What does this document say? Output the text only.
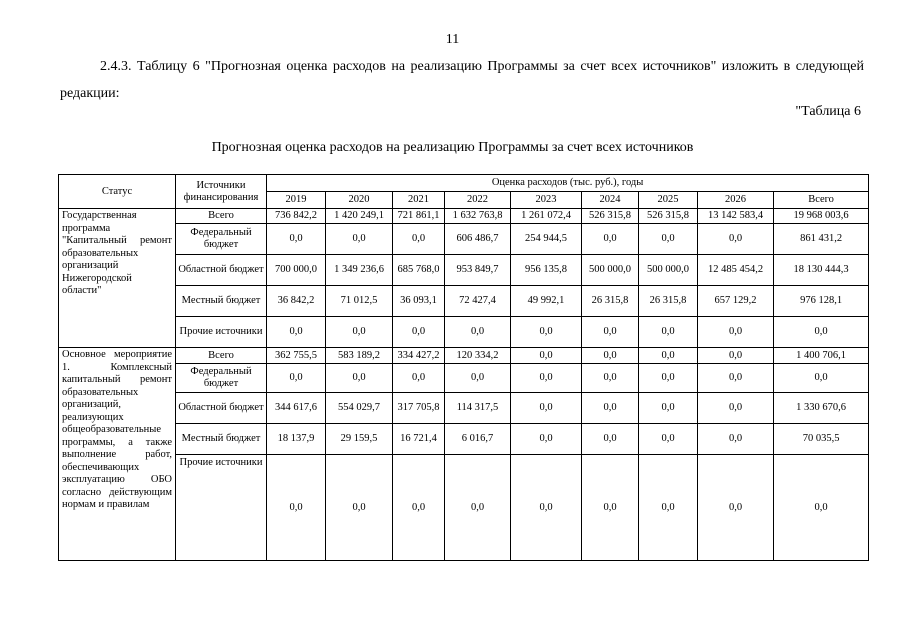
11
2.4.3. Таблицу 6 "Прогнозная оценка расходов на реализацию Программы за счет всех источников" изложить в следующей редакции:
"Таблица 6
Прогнозная оценка расходов на реализацию Программы за счет всех источников
Статус	Источники финансирования	Оценка расходов (тыс. руб.), годы								
		2019	2020	2021	2022	2023	2024	2025	2026	Всего
Государственная программа "Капитальный ремонт образовательных организаций Нижегородской области"	Всего	736 842,2	1 420 249,1	721 861,1	1 632 763,8	1 261 072,4	526 315,8	526 315,8	13 142 583,4	19 968 003,6
	Федеральный бюджет	0,0	0,0	0,0	606 486,7	254 944,5	0,0	0,0	0,0	861 431,2
	Областной бюджет	700 000,0	1 349 236,6	685 768,0	953 849,7	956 135,8	500 000,0	500 000,0	12 485 454,2	18 130 444,3
	Местный бюджет	36 842,2	71 012,5	36 093,1	72 427,4	49 992,1	26 315,8	26 315,8	657 129,2	976 128,1
	Прочие источники	0,0	0,0	0,0	0,0	0,0	0,0	0,0	0,0	0,0
Основное мероприятие 1. Комплексный капитальный ремонт образовательных организаций, реализующих общеобразовательные программы, а также выполнение работ, обеспечивающих эксплуатацию ОБО согласно действующим нормам и правилам	Всего	362 755,5	583 189,2	334 427,2	120 334,2	0,0	0,0	0,0	0,0	1 400 706,1
	Федеральный бюджет	0,0	0,0	0,0	0,0	0,0	0,0	0,0	0,0	0,0
	Областной бюджет	344 617,6	554 029,7	317 705,8	114 317,5	0,0	0,0	0,0	0,0	1 330 670,6
	Местный бюджет	18 137,9	29 159,5	16 721,4	6 016,7	0,0	0,0	0,0	0,0	70 035,5
	Прочие источники	0,0	0,0	0,0	0,0	0,0	0,0	0,0	0,0	0,0
